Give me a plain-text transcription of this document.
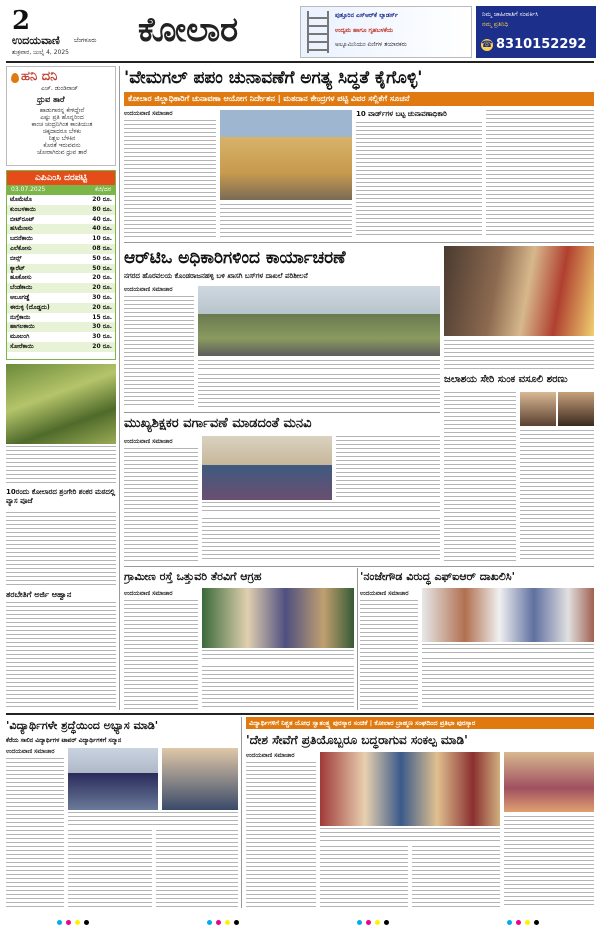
2
ಉದಯವಾಣಿ ಬೆಂಗಳೂರು
ಶುಕ್ರವಾರ, ಜುಲೈ 4, 2025
ಕೋಲಾರ	ಪುತ್ತೂರಿನ ಎಸ್‌ಆರ್‌ಕೆ ಲ್ಯಾಡರ್ಸ್
ಉದ್ಯಮ ಹಾಗೂ ಗೃಹಬಳಕೆಯ
ಅಲ್ಯೂಮಿನಿಯಂ ಏಣಿಗಳ ತಯಾರಕರು
ನಿಮ್ಮ ಜಾಹೀರಾತಿಗೆ ಸಂಪರ್ಕಿಸಿ
ನಮ್ಮ ಪ್ರತಿನಿಧಿ
☎ 8310152292
ಹನಿ ದನಿ
ಎಚ್. ಡುಂಡಿರಾಜ್
ಧ್ರುವ ತಾರೆ
ಹಾಡುಗಾರನ್ನ ಕೇಳಿದ್ದೇನೆ
ಎಷ್ಟು ಪ್ರತಿ ಹೊನ್ನರಿಂದ
ಕಾಂಚ ಚಂದ್ರನಿಗಿಂತ ಕಾಂತಿಯುತ
ಚಿಕ್ಕದಾದರೂ ಬೆಳಕು
ನಿಶ್ಚಲ ಬೆಳಕಿನ
ಕೊರತೆ ಇರುವವನು
ಜೋರಾಗಿರುವ ಧ್ರುವ ತಾರೆ
ಎಪಿಎಂಸಿ ದರಪಟ್ಟಿ
03.07.2025	ಕೆಜಿ/ದರ
ಟೊಮೆಟೊ	20 ರೂ.
ಕುಂಬಳಕಾಯಿ	80 ರೂ.
ಬೀಟ್‌ರೂಟ್	40 ರೂ.
ಹಸಿಮೆಣಸು	40 ರೂ.
ಬದನೆಕಾಯಿ	10 ರೂ.
ಎಲೆಕೋಸು	08 ರೂ.
ಬೀನ್ಸ್	50 ರೂ.
ಕ್ಯಾರೆಟ್	50 ರೂ.
ಹೂಕೋಸು	20 ರೂ.
ಬೆಂಡೆಕಾಯಿ	20 ರೂ.
ಆಲೂಗಡ್ಡೆ	30 ರೂ.
ಈರುಳ್ಳಿ (ದೊಡ್ಡದು)	20 ರೂ.
ನುಗ್ಗೆಕಾಯಿ	15 ರೂ.
ಹಾಗಲಕಾಯಿ	30 ರೂ.
ಮೂಲಂಗಿ	30 ರೂ.
ಸೋರೆಕಾಯಿ	20 ರೂ.
10ರಂದು ಕೋಲಾರದ ಶ್ರಂಗೇರಿ ಶಂಕರ ಮಠದಲ್ಲಿ ವ್ಯಾಸ ಪೂಜೆ
ತರಬೇತಿಗೆ ಅರ್ಜಿ ಆಹ್ವಾನ
'ವೇಮಗಲ್ ಪಪಂ ಚುನಾವಣೆಗೆ ಅಗತ್ಯ ಸಿದ್ಧತೆ ಕೈಗೊಳ್ಳಿ'
ಕೋಲಾರ ಜಿಲ್ಲಾಧಿಕಾರಿಗೆ ಚುನಾವಣಾ ಆಯೋಗ ನಿರ್ದೇಶನ | ಮತದಾನ ಕೇಂದ್ರಗಳ ಪಟ್ಟಿ ವಿವರ ಸಲ್ಲಿಕೆಗೆ ಸೂಚನೆ
ಉದಯವಾಣಿ ಸಮಾಚಾರ	10 ವಾರ್ಡ್‌ಗಳ ಬಟ್ಟ ಚುನಾವಣಾಧಿಕಾರಿ
ಆರ್‌ಟಿಒ ಅಧಿಕಾರಿಗಳಿಂದ ಕಾರ್ಯಾಚರಣೆ
ನಗರದ ಹೊರವಲಯ ಕೊಂಡರಾಜನಹಳ್ಳಿ ಬಳಿ ಖಾಸಗಿ ಬಸ್‌ಗಳ ದಾಖಲೆ ಪರಿಶೀಲನೆ
ಉದಯವಾಣಿ ಸಮಾಚಾರ
ಜಲಾಶಯ ಸೇರಿ ಸುಂಕ ವಸೂಲಿ ಶರಣು
ಮುಖ್ಯಶಿಕ್ಷಕರ ವರ್ಗಾವಣೆ ಮಾಡದಂತೆ ಮನವಿ
ಉದಯವಾಣಿ ಸಮಾಚಾರ
ಗ್ರಾಮೀಣ ರಸ್ತೆ ಒತ್ತುವರಿ ತೆರವಿಗೆ ಆಗ್ರಹ
ಉದಯವಾಣಿ ಸಮಾಚಾರ
'ನಂಜೇಗೌಡ ವಿರುದ್ಧ ಎಫ್‌ಐಆರ್ ದಾಖಲಿಸಿ'
ಉದಯವಾಣಿ ಸಮಾಚಾರ
'ವಿದ್ಯಾರ್ಥಿಗಳೇ ಶ್ರದ್ಧೆಯಿಂದ ಅಭ್ಯಾಸ ಮಾಡಿ'
ಕೆರೆಯ ಸಾಲಿನ ವಿದ್ಯಾರ್ಥಿಗಳ ಟಾಪರ್ ವಿದ್ಯಾರ್ಥಿಗಳಿಗೆ ಸನ್ಮಾನ
ಉದಯವಾಣಿ ಸಮಾಚಾರ
ವಿದ್ಯಾರ್ಥಿಗಳಿಗೆ ನಿಶ್ಚತ ಯೋಧ ಸ್ವಾತಂತ್ರ್ಯ ಪುರಸ್ಕಾರ ಸಂಚಿಕೆ | ಕೋಲಾರ ಬ್ರಾಹ್ಮಣ ಸಂಘದಿಂದ ಪ್ರತಿಭಾ ಪುರಸ್ಕಾರ
'ದೇಶ ಸೇವೆಗೆ ಪ್ರತಿಯೊಬ್ಬರೂ ಬದ್ಧರಾಗುವ ಸಂಕಲ್ಪ ಮಾಡಿ'
ಉದಯವಾಣಿ ಸಮಾಚಾರ
